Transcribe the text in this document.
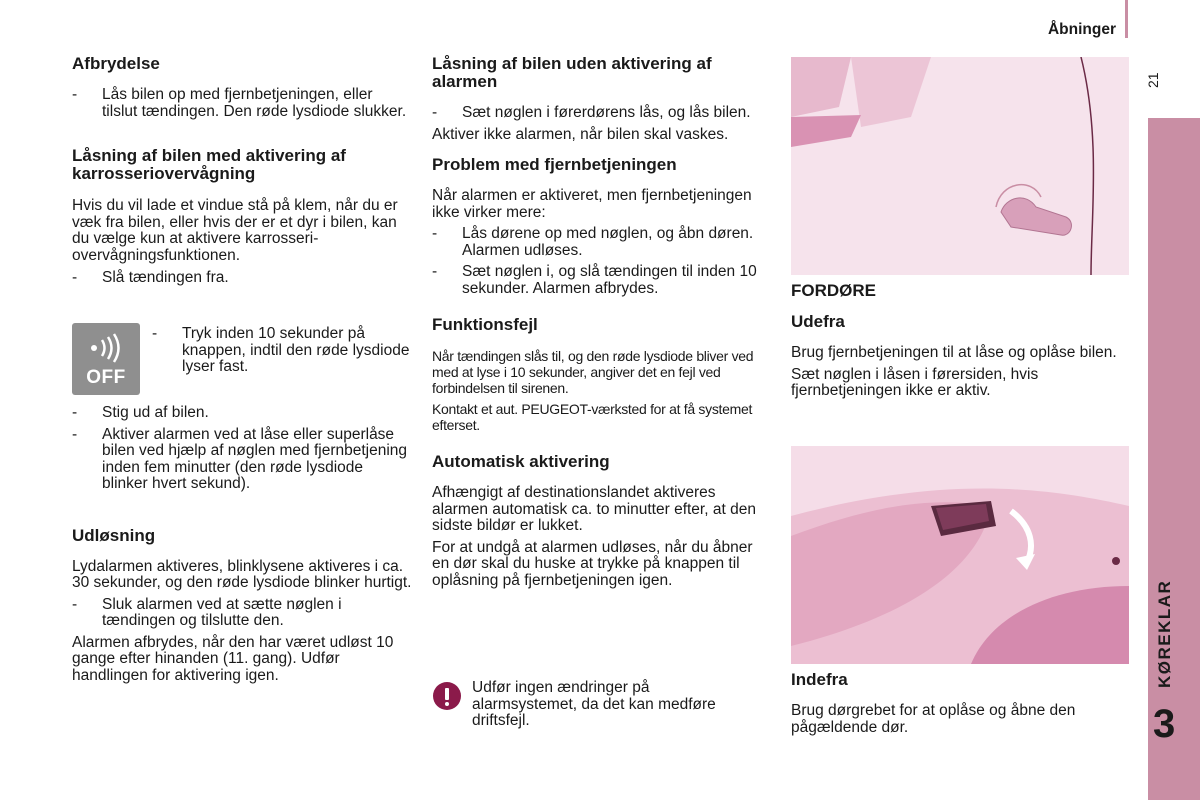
Åbninger
21
KØREKLAR
3
Afbrydelse
- Lås bilen op med fjernbetjeningen, eller tilslut tændingen. Den røde lysdiode slukker.
Låsning af bilen med aktivering af karrosseriovervågning
Hvis du vil lade et vindue stå på klem, når du er væk fra bilen, eller hvis der er et dyr i bilen, kan du vælge kun at aktivere karrosseri-overvågningsfunktionen.
- Slå tændingen fra.
OFF
- Tryk inden 10 sekunder på knappen, indtil den røde lysdiode lyser fast.
- Stig ud af bilen.
- Aktiver alarmen ved at låse eller superlåse bilen ved hjælp af nøglen med fjernbetjening inden fem minutter (den røde lysdiode blinker hvert sekund).
Udløsning
Lydalarmen aktiveres, blinklysene aktiveres i ca. 30 sekunder, og den røde lysdiode blinker hurtigt.
- Sluk alarmen ved at sætte nøglen i tændingen og tilslutte den.
Alarmen afbrydes, når den har været udløst 10 gange efter hinanden (11. gang). Udfør handlingen for aktivering igen.
Låsning af bilen uden aktivering af alarmen
- Sæt nøglen i førerdørens lås, og lås bilen.
Aktiver ikke alarmen, når bilen skal vaskes.
Problem med fjernbetjeningen
Når alarmen er aktiveret, men fjernbetjeningen ikke virker mere:
- Lås dørene op med nøglen, og åbn døren. Alarmen udløses.
- Sæt nøglen i, og slå tændingen til inden 10 sekunder. Alarmen afbrydes.
Funktionsfejl
Når tændingen slås til, og den røde lysdiode bliver ved med at lyse i 10 sekunder, angiver det en fejl ved forbindelsen til sirenen.
Kontakt et aut. PEUGEOT-værksted for at få systemet efterset.
Automatisk aktivering
Afhængigt af destinationslandet aktiveres alarmen automatisk ca. to minutter efter, at den sidste bildør er lukket.
For at undgå at alarmen udløses, når du åbner en dør skal du huske at trykke på knappen til oplåsning på fjernbetjeningen igen.
Udfør ingen ændringer på alarmsystemet, da det kan medføre driftsfejl.
FORDØRE
Udefra
Brug fjernbetjeningen til at låse og oplåse bilen.
Sæt nøglen i låsen i førersiden, hvis fjernbetjeningen ikke er aktiv.
Indefra
Brug dørgrebet for at oplåse og åbne den pågældende dør.
